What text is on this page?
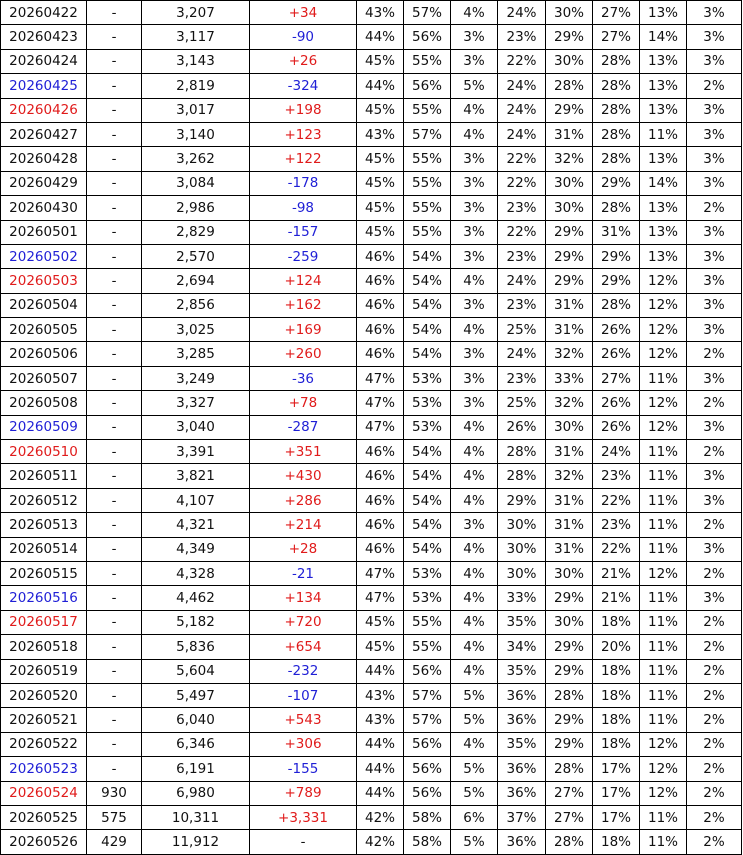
20260422	-	3,207	+34	43%	57%	4%	24%	30%	27%	13%	3%
20260423	-	3,117	-90	44%	56%	3%	23%	29%	27%	14%	3%
20260424	-	3,143	+26	45%	55%	3%	22%	30%	28%	13%	3%
20260425	-	2,819	-324	44%	56%	5%	24%	28%	28%	13%	2%
20260426	-	3,017	+198	45%	55%	4%	24%	29%	28%	13%	3%
20260427	-	3,140	+123	43%	57%	4%	24%	31%	28%	11%	3%
20260428	-	3,262	+122	45%	55%	3%	22%	32%	28%	13%	3%
20260429	-	3,084	-178	45%	55%	3%	22%	30%	29%	14%	3%
20260430	-	2,986	-98	45%	55%	3%	23%	30%	28%	13%	2%
20260501	-	2,829	-157	45%	55%	3%	22%	29%	31%	13%	3%
20260502	-	2,570	-259	46%	54%	3%	23%	29%	29%	13%	3%
20260503	-	2,694	+124	46%	54%	4%	24%	29%	29%	12%	3%
20260504	-	2,856	+162	46%	54%	3%	23%	31%	28%	12%	3%
20260505	-	3,025	+169	46%	54%	4%	25%	31%	26%	12%	3%
20260506	-	3,285	+260	46%	54%	3%	24%	32%	26%	12%	2%
20260507	-	3,249	-36	47%	53%	3%	23%	33%	27%	11%	3%
20260508	-	3,327	+78	47%	53%	3%	25%	32%	26%	12%	2%
20260509	-	3,040	-287	47%	53%	4%	26%	30%	26%	12%	3%
20260510	-	3,391	+351	46%	54%	4%	28%	31%	24%	11%	2%
20260511	-	3,821	+430	46%	54%	4%	28%	32%	23%	11%	3%
20260512	-	4,107	+286	46%	54%	4%	29%	31%	22%	11%	3%
20260513	-	4,321	+214	46%	54%	3%	30%	31%	23%	11%	2%
20260514	-	4,349	+28	46%	54%	4%	30%	31%	22%	11%	3%
20260515	-	4,328	-21	47%	53%	4%	30%	30%	21%	12%	2%
20260516	-	4,462	+134	47%	53%	4%	33%	29%	21%	11%	3%
20260517	-	5,182	+720	45%	55%	4%	35%	30%	18%	11%	2%
20260518	-	5,836	+654	45%	55%	4%	34%	29%	20%	11%	2%
20260519	-	5,604	-232	44%	56%	4%	35%	29%	18%	11%	2%
20260520	-	5,497	-107	43%	57%	5%	36%	28%	18%	11%	2%
20260521	-	6,040	+543	43%	57%	5%	36%	29%	18%	11%	2%
20260522	-	6,346	+306	44%	56%	4%	35%	29%	18%	12%	2%
20260523	-	6,191	-155	44%	56%	5%	36%	28%	17%	12%	2%
20260524	930	6,980	+789	44%	56%	5%	36%	27%	17%	12%	2%
20260525	575	10,311	+3,331	42%	58%	6%	37%	27%	17%	11%	2%
20260526	429	11,912	-	42%	58%	5%	36%	28%	18%	11%	2%
